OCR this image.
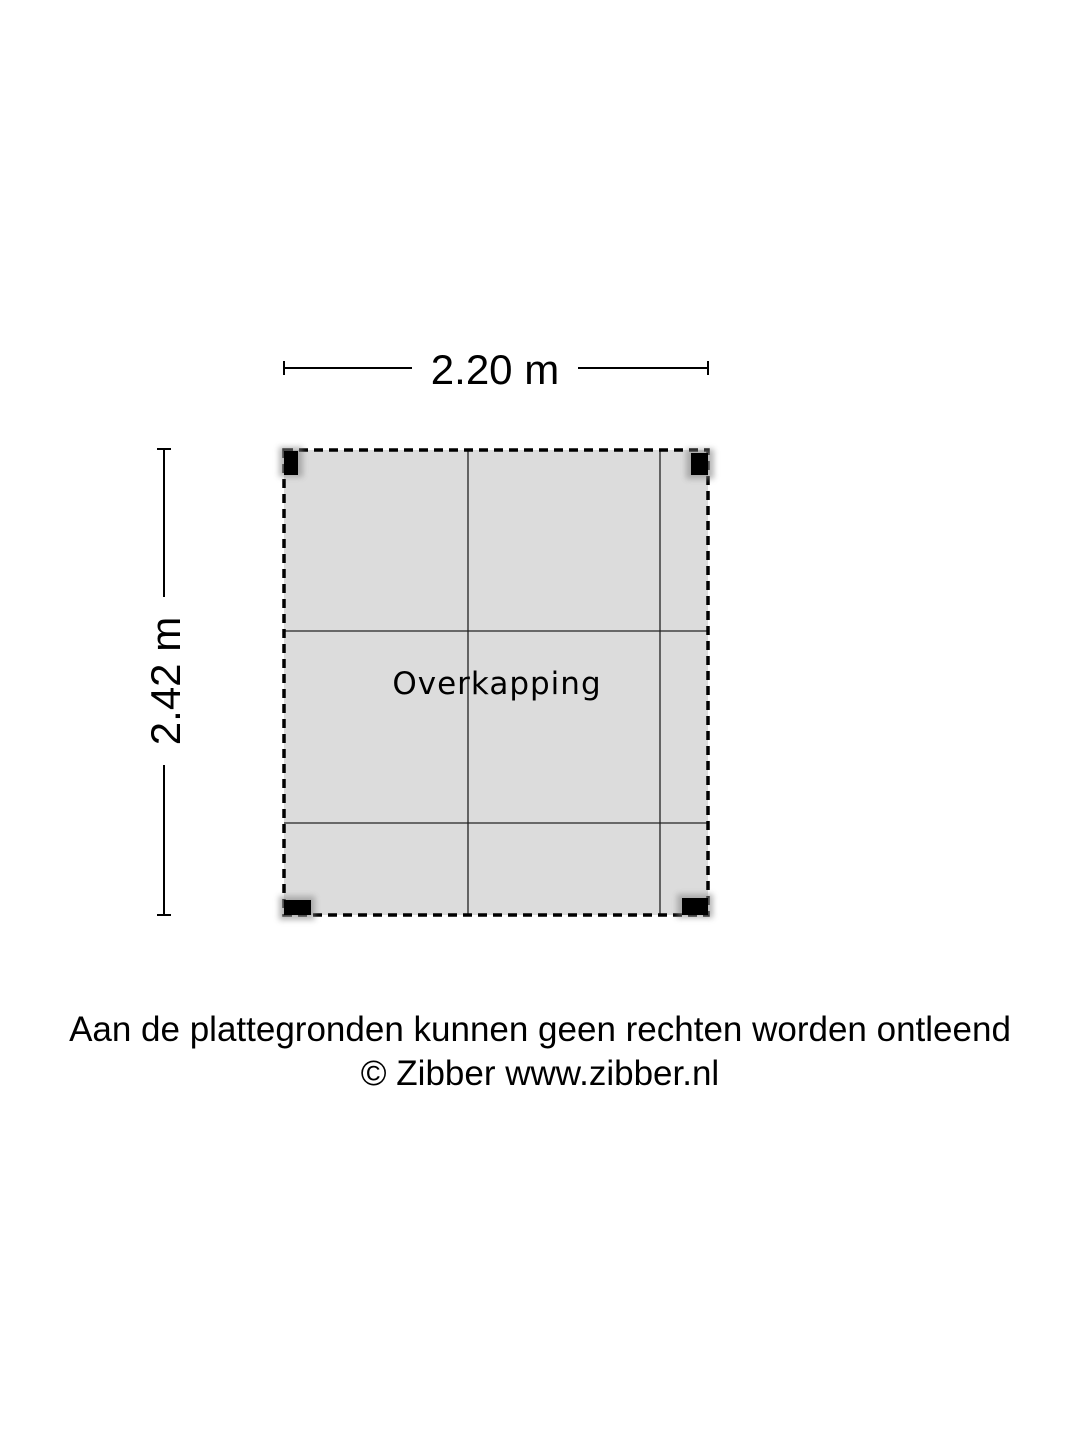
2.20 m
2.42 m	Overkapping
Aan de plattegronden kunnen geen rechten worden ontleend
© Zibber www.zibber.nl
